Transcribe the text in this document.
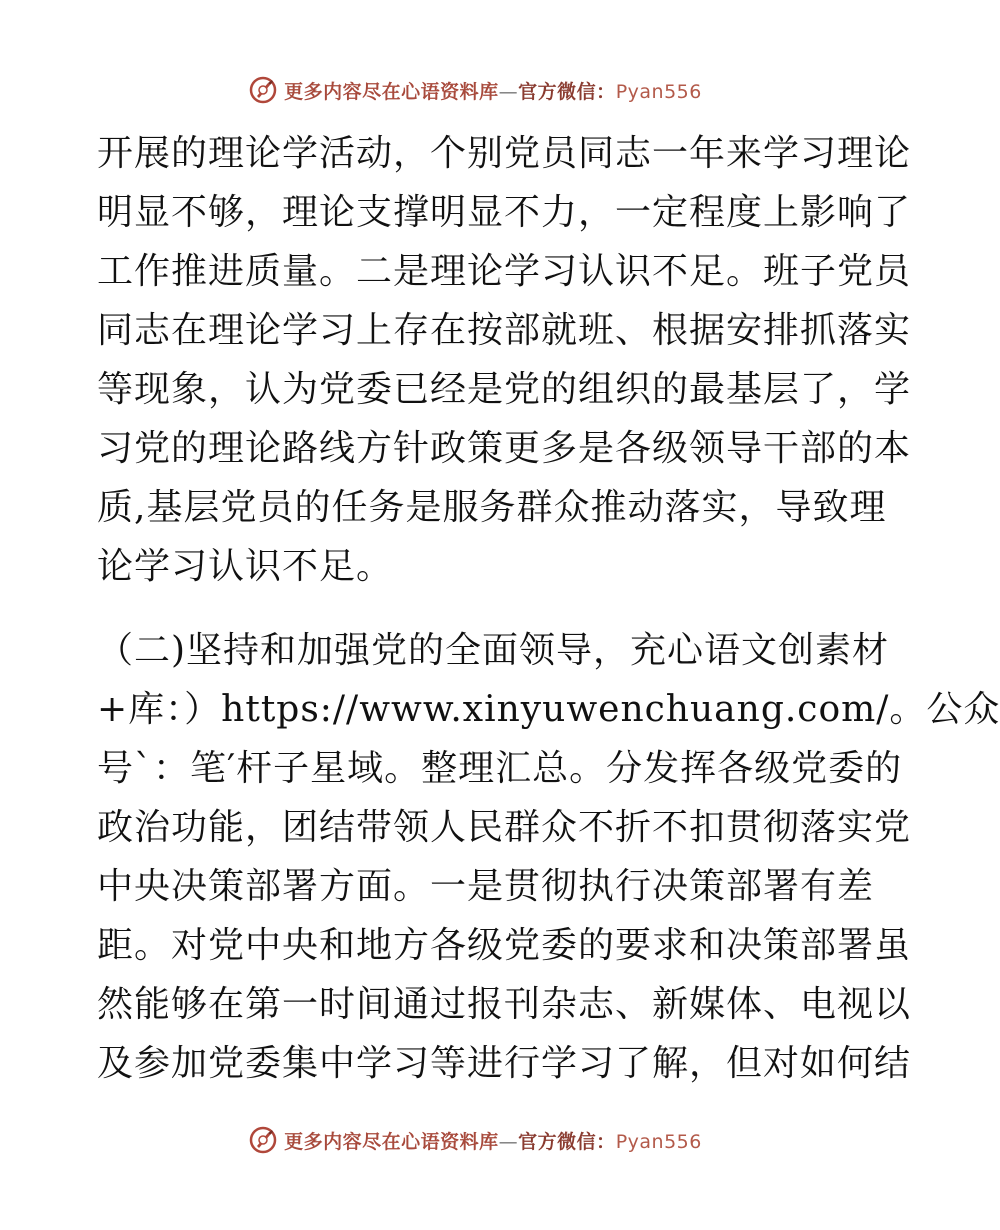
更多内容尽在心语资料库—官方微信：Pyan556
开展的理论学活动，个别党员同志一年来学习理论
明显不够，理论支撑明显不力，一定程度上影响了
工作推进质量。二是理论学习认识不足。班子党员
同志在理论学习上存在按部就班、根据安排抓落实
等现象，认为党委已经是党的组织的最基层了，学
习党的理论路线方针政策更多是各级领导干部的本
质,基层党员的任务是服务群众推动落实，导致理
论学习认识不足。
（二)坚持和加强党的全面领导，充心语文创素材
+库：）https://www.xinyuwenchuang.com/。公众
号`：笔′杆子星域。整理汇总。分发挥各级党委的
政治功能，团结带领人民群众不折不扣贯彻落实党
中央决策部署方面。一是贯彻执行决策部署有差
距。对党中央和地方各级党委的要求和决策部署虽
然能够在第一时间通过报刊杂志、新媒体、电视以
及参加党委集中学习等进行学习了解，但对如何结
更多内容尽在心语资料库—官方微信：Pyan556
